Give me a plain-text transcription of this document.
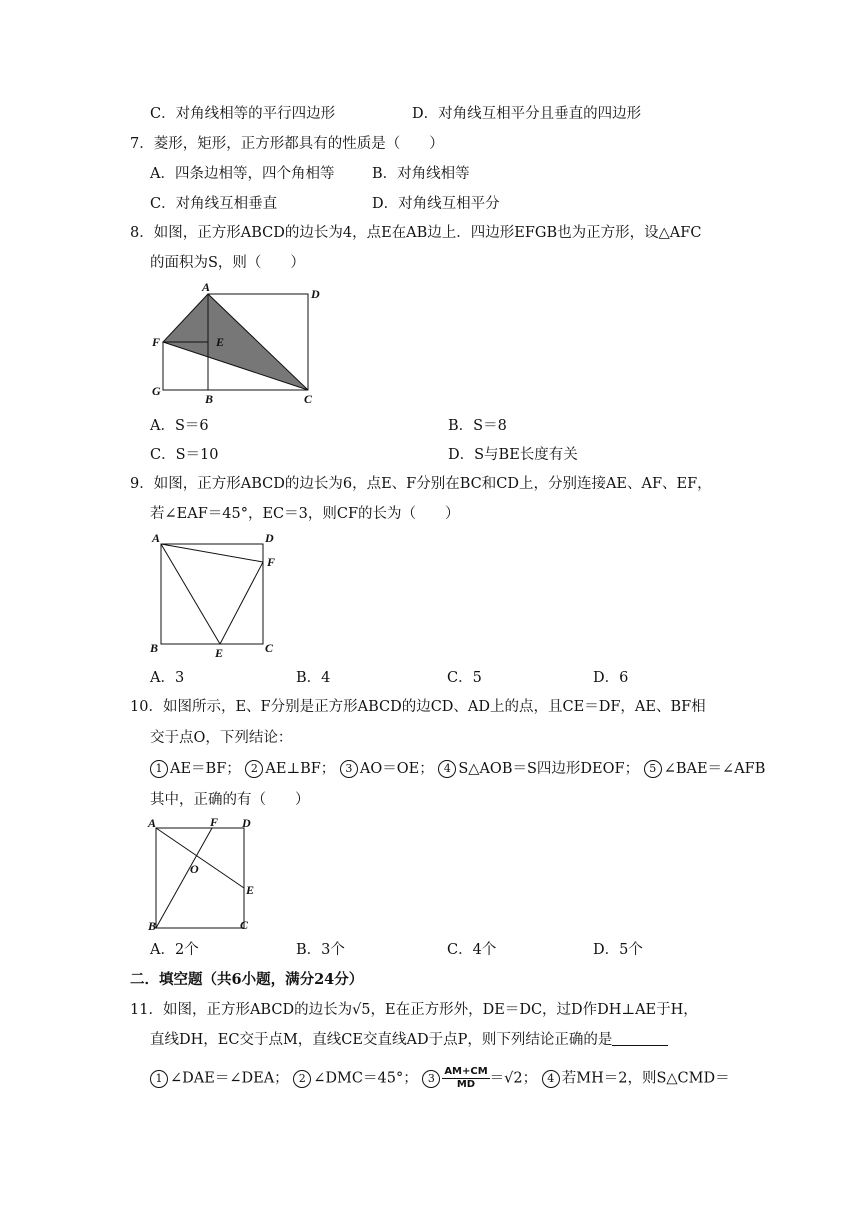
C．对角线相等的平行四边形	D．对角线互相平分且垂直的四边形
7．菱形，矩形，正方形都具有的性质是（　　）
A．四条边相等，四个角相等	B．对角线相等
C．对角线互相垂直	D．对角线互相平分
8．如图，正方形ABCD的边长为4，点E在AB边上．四边形EFGB也为正方形，设△AFC
的面积为S，则（　　）
A	D
F	E
G
B	C
A．S＝6	B．S＝8
C．S＝10	D．S与BE长度有关
9．如图，正方形ABCD的边长为6，点E、F分别在BC和CD上，分别连接AE、AF、EF，
若∠EAF＝45°，EC＝3，则CF的长为（　　）
A	D
F
B	E	C
A．3	B．4	C．5	D．6
10．如图所示，E、F分别是正方形ABCD的边CD、AD上的点，且CE＝DF，AE、BF相
交于点O，下列结论：
1 AE＝BF； 2 AE⊥BF； 3 AO＝OE； 4 S△AOB＝S四边形DEOF； 5 ∠BAE＝∠AFB
其中，正确的有（　　）
A	F D
O
E
B	C
A．2个	B．3个	C．4个	D．5个
二．填空题（共6小题，满分24分）
11．如图，正方形ABCD的边长为√5，E在正方形外，DE＝DC，过D作DH⊥AE于H，
直线DH，EC交于点M，直线CE交直线AD于点P，则下列结论正确的是
1 ∠DAE＝∠DEA； 2 ∠DMC＝45°； $3 \frac{AM+CM}{MD} =√2$； 4 若MH＝2，则S△CMD＝
